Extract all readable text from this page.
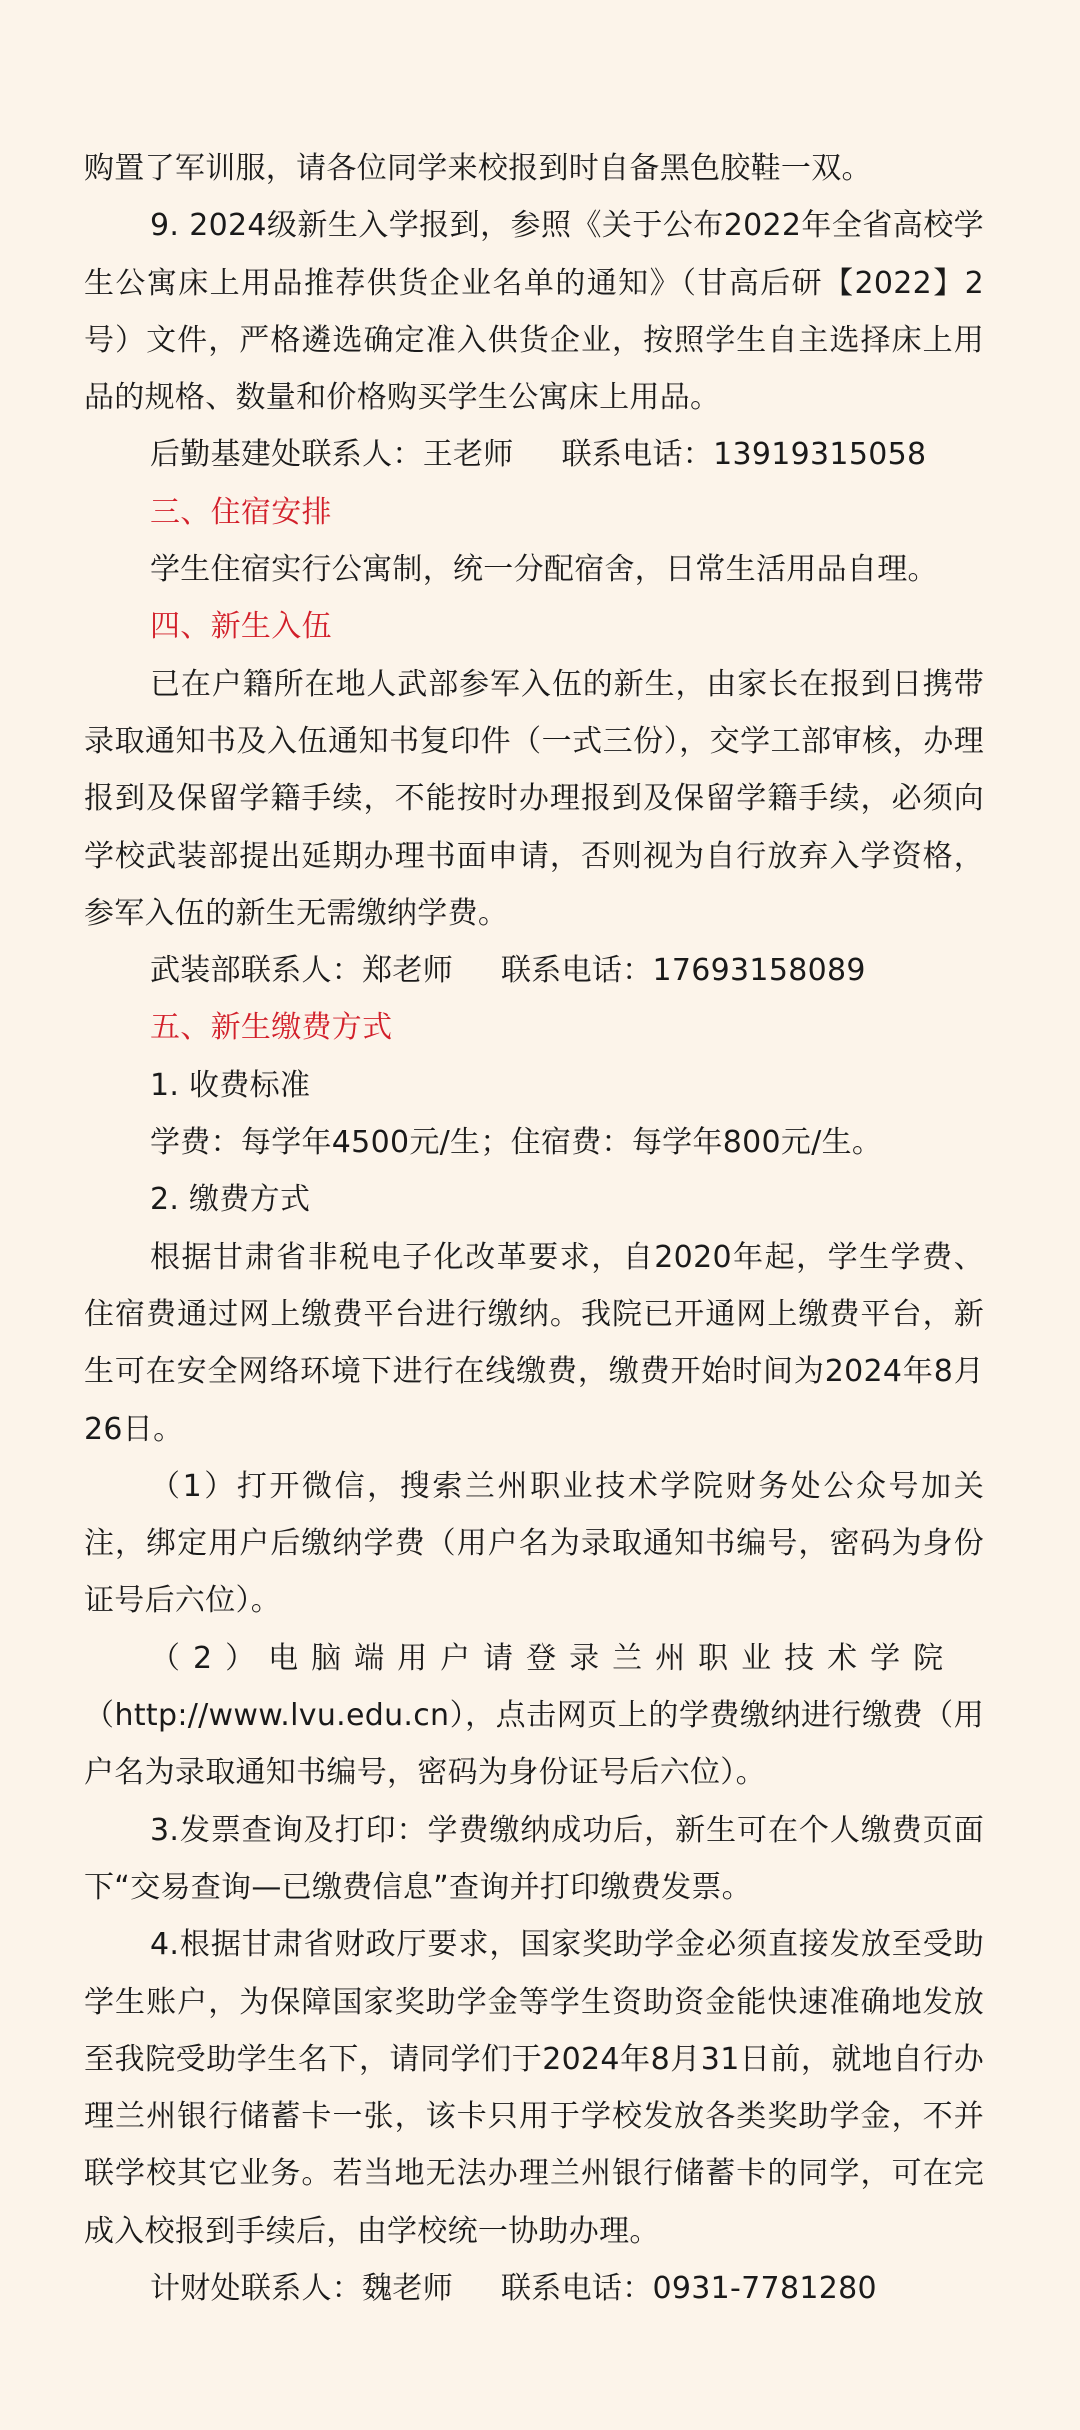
购置了军训服，请各位同学来校报到时自备黑色胶鞋一双。

9. 2024级新生入学报到，参照《关于公布2022年全省高校学生公寓床上用品推荐供货企业名单的通知》（甘高后研【2022】2号）文件，严格遴选确定准入供货企业，按照学生自主选择床上用品的规格、数量和价格购买学生公寓床上用品。

后勤基建处联系人：王老师 联系电话：13919315058

三、住宿安排

学生住宿实行公寓制，统一分配宿舍，日常生活用品自理。

四、新生入伍

已在户籍所在地人武部参军入伍的新生，由家长在报到日携带录取通知书及入伍通知书复印件（一式三份），交学工部审核，办理报到及保留学籍手续，不能按时办理报到及保留学籍手续，必须向学校武装部提出延期办理书面申请，否则视为自行放弃入学资格，参军入伍的新生无需缴纳学费。

武装部联系人：郑老师 联系电话：17693158089

五、新生缴费方式

1. 收费标准

学费：每学年4500元/生；住宿费：每学年800元/生。

2. 缴费方式

根据甘肃省非税电子化改革要求，自2020年起，学生学费、住宿费通过网上缴费平台进行缴纳。我院已开通网上缴费平台，新生可在安全网络环境下进行在线缴费，缴费开始时间为2024年8月26日。

（1）打开微信，搜索兰州职业技术学院财务处公众号加关注，绑定用户后缴纳学费（用户名为录取通知书编号，密码为身份证号后六位）。

（2）电脑端用户请登录兰州职业技术学院

（http://www.lvu.edu.cn），点击网页上的学费缴纳进行缴费（用户名为录取通知书编号，密码为身份证号后六位）。

3.发票查询及打印：学费缴纳成功后，新生可在个人缴费页面下“交易查询—已缴费信息”查询并打印缴费发票。

4.根据甘肃省财政厅要求，国家奖助学金必须直接发放至受助学生账户，为保障国家奖助学金等学生资助资金能快速准确地发放至我院受助学生名下，请同学们于2024年8月31日前，就地自行办理兰州银行储蓄卡一张，该卡只用于学校发放各类奖助学金，不并联学校其它业务。若当地无法办理兰州银行储蓄卡的同学，可在完成入校报到手续后，由学校统一协助办理。

计财处联系人：魏老师 联系电话：0931-7781280
